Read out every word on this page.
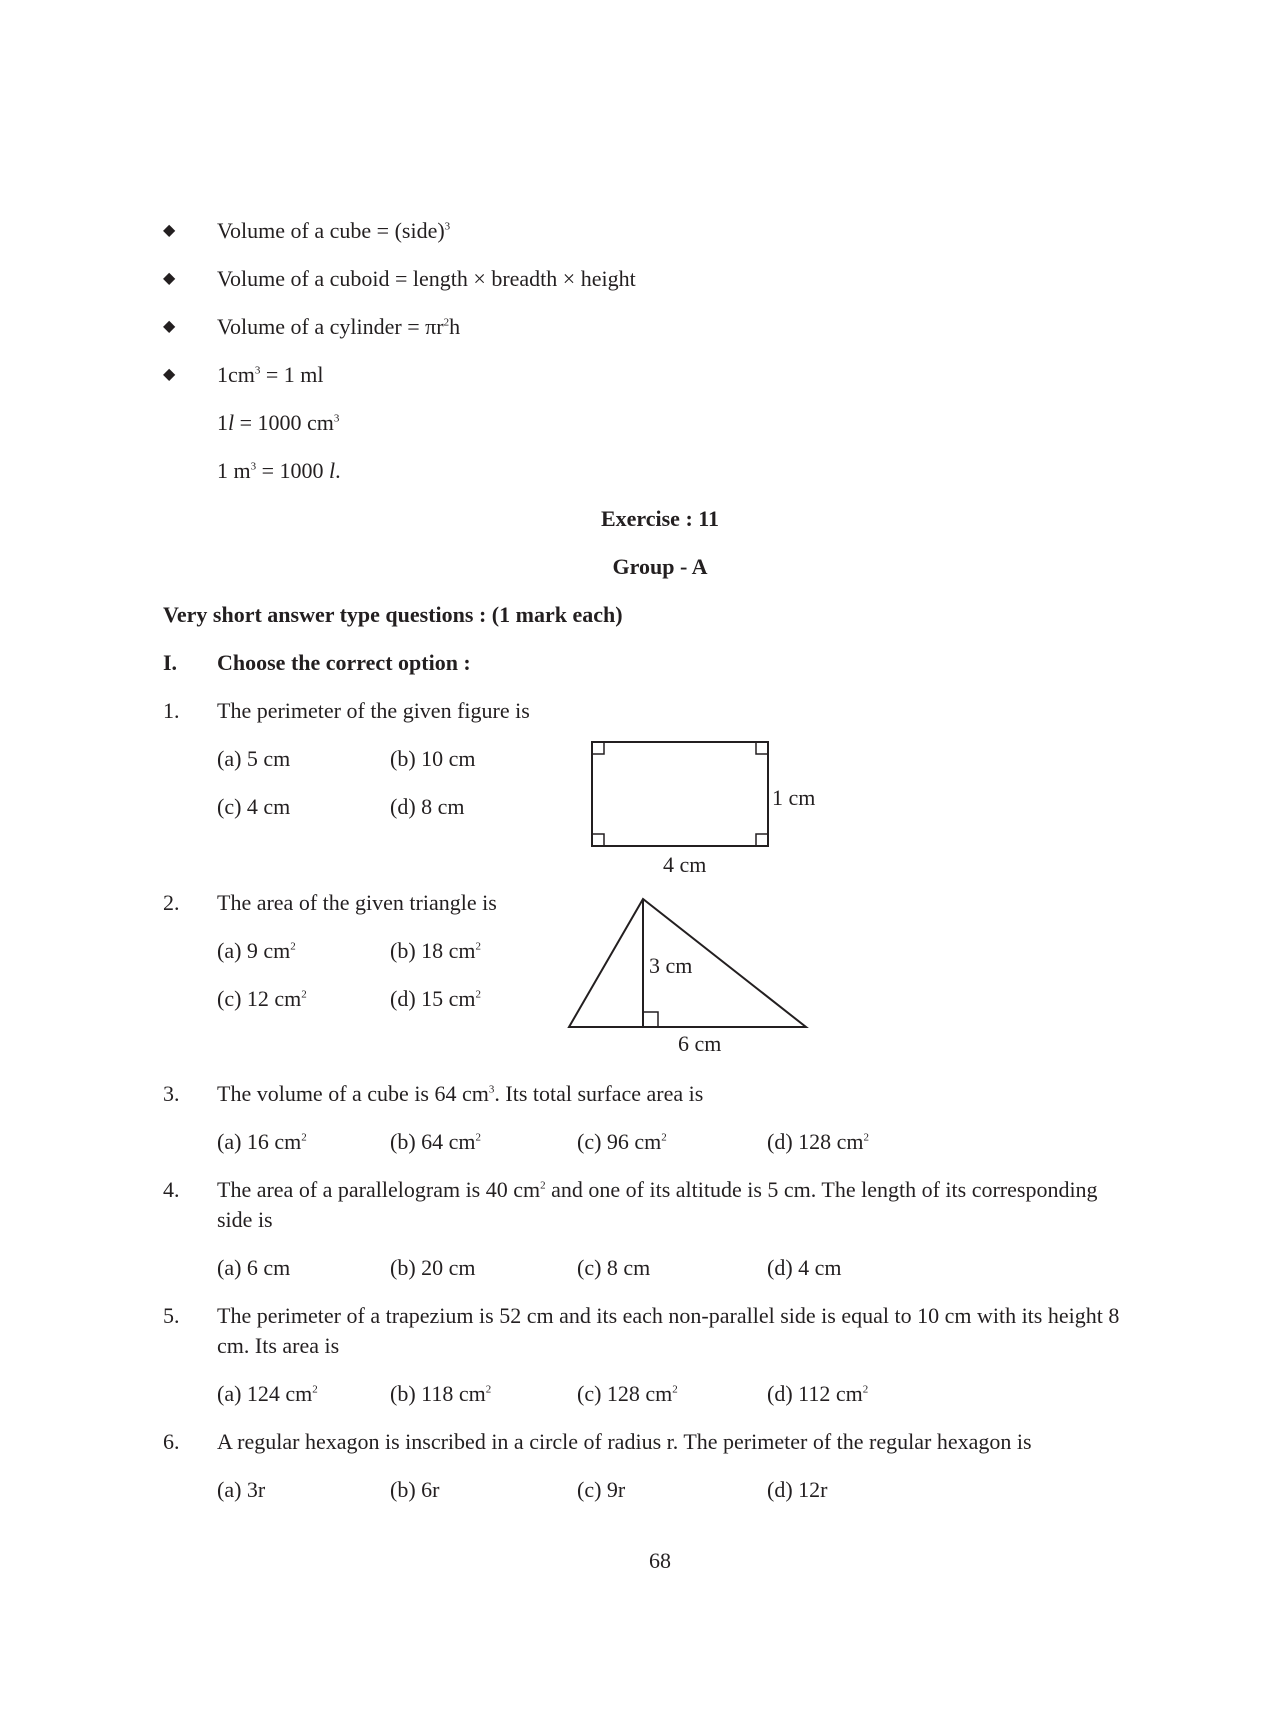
◆ Volume of a cube = (side)$^3$
◆ Volume of a cuboid = length × breadth × height
◆ Volume of a cylinder = $\pi r^2h$
◆ $1cm^3 = 1$ ml
1l = 1000 $cm^3$
1 $m^3 = 1000$ l.
Exercise : 11
Group - A
Very short answer type questions : (1 mark each)
I. Choose the correct option :
1. The perimeter of the given figure is
(a) 5 cm	(b) 10 cm
(c) 4 cm	(d) 8 cm	1 cm
4 cm
2. The area of the given triangle is
(a) 9 $cm^2$	(b) 18 $cm^2$
(c) 12 $cm^2$	(d) 15 $cm^2$
3 cm
6 cm
3. The volume of a cube is 64 $cm^3$. Its total surface area is
(a) 16 $cm^2$	(b) 64 $cm^2$	(c) 96 $cm^2$	(d) 128 $cm^2$
4. The area of a parallelogram is 40 $cm^2$ and one of its altitude is 5 cm. The length of its corresponding
side is
(a) 6 cm	(b) 20 cm	(c) 8 cm	(d) 4 cm
5. The perimeter of a trapezium is 52 cm and its each non-parallel side is equal to 10 cm with its height 8
cm. Its area is
(a) 124 $cm^2$	(b) 118 $cm^2$	(c) 128 $cm^2$	(d) 112 $cm^2$
6. A regular hexagon is inscribed in a circle of radius r. The perimeter of the regular hexagon is
(a) 3r	(b) 6r	(c) 9r	(d) 12r
68
